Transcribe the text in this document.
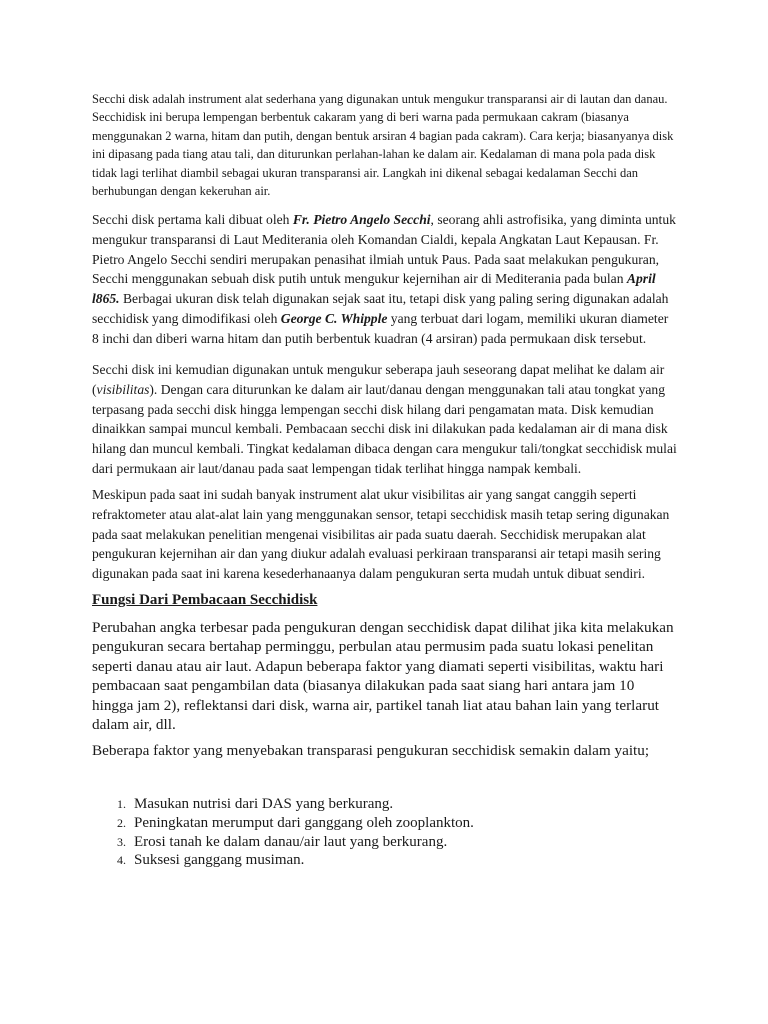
Secchi disk adalah instrument alat sederhana yang digunakan untuk mengukur transparansi air di lautan dan danau. Secchidisk ini berupa lempengan berbentuk cakaram yang di beri warna pada permukaan cakram (biasanya menggunakan 2 warna, hitam dan putih, dengan bentuk arsiran 4 bagian pada cakram). Cara kerja; biasanyanya disk ini dipasang pada tiang atau tali, dan diturunkan perlahan-lahan ke dalam air. Kedalaman di mana pola pada disk tidak lagi terlihat diambil sebagai ukuran transparansi air. Langkah ini dikenal sebagai kedalaman Secchi dan berhubungan dengan kekeruhan air.

Secchi disk pertama kali dibuat oleh Fr. Pietro Angelo Secchi, seorang ahli astrofisika, yang diminta untuk mengukur transparansi di Laut Mediterania oleh Komandan Cialdi, kepala Angkatan Laut Kepausan. Fr. Pietro Angelo Secchi sendiri merupakan penasihat ilmiah untuk Paus. Pada saat melakukan pengukuran, Secchi menggunakan sebuah disk putih untuk mengukur kejernihan air di Mediterania pada bulan April l865. Berbagai ukuran disk telah digunakan sejak saat itu, tetapi disk yang paling sering digunakan adalah secchidisk yang dimodifikasi oleh George C. Whipple yang terbuat dari logam, memiliki ukuran diameter 8 inchi dan diberi warna hitam dan putih berbentuk kuadran (4 arsiran) pada permukaan disk tersebut.

Secchi disk ini kemudian digunakan untuk mengukur seberapa jauh seseorang dapat melihat ke dalam air (visibilitas). Dengan cara diturunkan ke dalam air laut/danau dengan menggunakan tali atau tongkat yang terpasang pada secchi disk hingga lempengan secchi disk hilang dari pengamatan mata. Disk kemudian dinaikkan sampai muncul kembali. Pembacaan secchi disk ini dilakukan pada kedalaman air di mana disk hilang dan muncul kembali. Tingkat kedalaman dibaca dengan cara mengukur tali/tongkat secchidisk mulai dari permukaan air laut/danau pada saat lempengan tidak terlihat hingga nampak kembali.

Meskipun pada saat ini sudah banyak instrument alat ukur visibilitas air yang sangat canggih seperti refraktometer atau alat-alat lain yang menggunakan sensor, tetapi secchidisk masih tetap sering digunakan pada saat melakukan penelitian mengenai visibilitas air pada suatu daerah. Secchidisk merupakan alat pengukuran kejernihan air dan yang diukur adalah evaluasi perkiraan transparansi air tetapi masih sering digunakan pada saat ini karena kesederhanaanya dalam pengukuran serta mudah untuk dibuat sendiri.

Fungsi Dari Pembacaan Secchidisk

Perubahan angka terbesar pada pengukuran dengan secchidisk dapat dilihat jika kita melakukan pengukuran secara bertahap perminggu, perbulan atau permusim pada suatu lokasi penelitan seperti danau atau air laut. Adapun beberapa faktor yang diamati seperti visibilitas, waktu hari pembacaan saat pengambilan data (biasanya dilakukan pada saat siang hari antara jam 10 hingga jam 2), reflektansi dari disk, warna air, partikel tanah liat atau bahan lain yang terlarut dalam air, dll.

Beberapa faktor yang menyebakan transparasi pengukuran secchidisk semakin dalam yaitu;

1. Masukan nutrisi dari DAS yang berkurang.
2. Peningkatan merumput dari ganggang oleh zooplankton.
3. Erosi tanah ke dalam danau/air laut yang berkurang.
4. Suksesi ganggang musiman.
